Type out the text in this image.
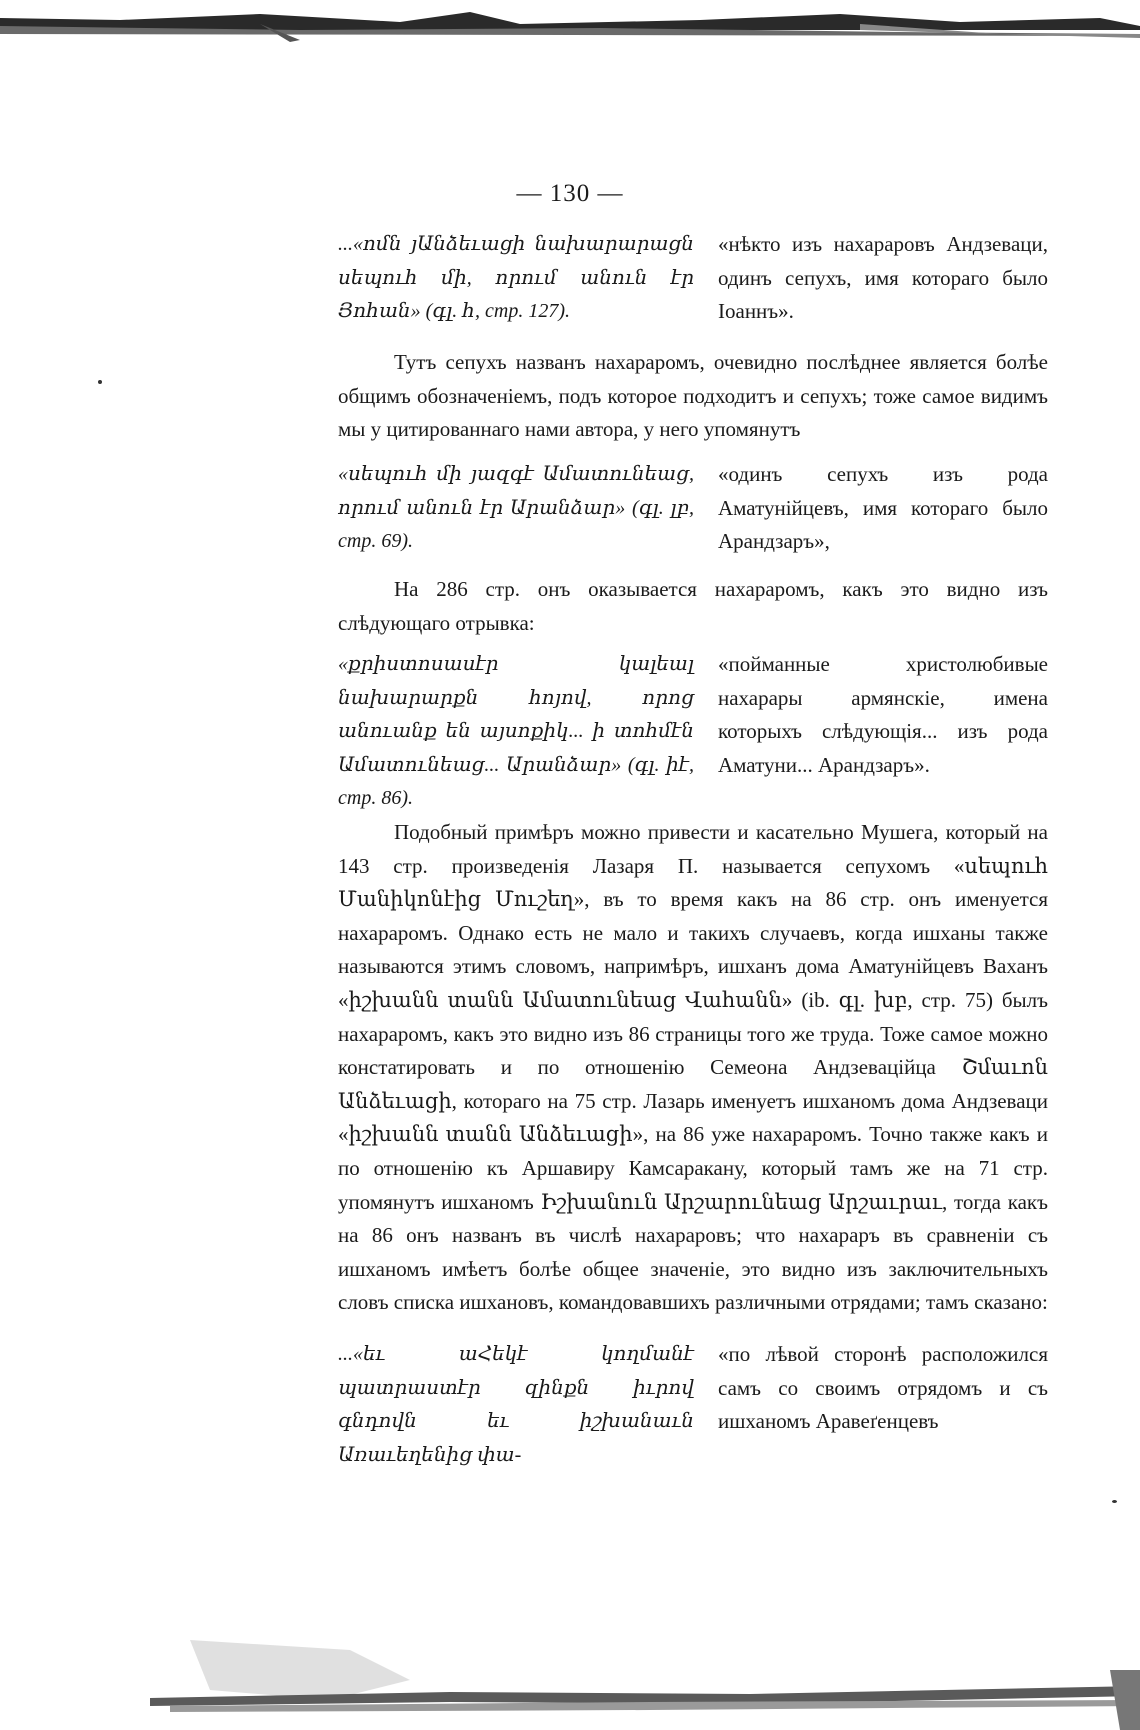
— 130 —
...«ոմն յԱնձեւացի նախարարացն սեպուհ մի, որում անուն էր Յոհան» (գլ. հ, стр. 127).
«нѣкто изъ нахараровъ Андзеваци, одинъ сепухъ, имя котораго было Іоаннъ».
Тутъ сепухъ названъ нахараромъ, очевидно послѣднее является болѣе общимъ обозначеніемъ, подъ которое подходитъ и сепухъ; тоже самое видимъ мы у цитированнаго нами автора, у него упомянутъ
«սեպուհ մի յազգէ Ամատունեաց, որում անուն էր Արանձար» (գլ. լբ, стр. 69).
«одинъ сепухъ изъ рода Аматунійцевъ, имя котораго было Арандзаръ»,
На 286 стр. онъ оказывается нахараромъ, какъ это видно изъ слѣдующаго отрывка:
«քրիստոսասէր կալեալ նախարարքն հոյով, որոց անուանք են այսոքիկ... ի տոհմէն Ամատունեաց... Արանձար» (գլ. իէ, стр. 86).
«пойманные христолюбивые нахарары армянскіе, имена которыхъ слѣдующія... изъ рода Аматуни... Арандзаръ».
Подобный примѣръ можно привести и касательно Мушега, который на 143 стр. произведенія Лазаря П. называется сепухомъ «սեպուհ Մանիկոնէից Մուշեղ», въ то время какъ на 86 стр. онъ именуется нахараромъ. Однако есть не мало и такихъ случаевъ, когда ишханы также называются этимъ словомъ, напримѣръ, ишханъ дома Аматунійцевъ Ваханъ «իշխանն տանն Ամատունեաց Վահանն» (ib. գլ. խբ, стр. 75) былъ нахараромъ, какъ это видно изъ 86 страницы того же труда. Тоже самое можно констатировать и по отношенію Семеона Андзеваційца Շմաւոն Անձեւացի, котораго на 75 стр. Лазарь именуетъ ишханомъ дома Андзеваци «իշխանն տանն Անձեւացի», на 86 уже нахараромъ. Точно также какъ и по отношенію къ Аршавиру Камсаракану, который тамъ же на 71 стр. упомянутъ ишханомъ Իշխանուն Արշարունեաց Արշաւրաւ, тогда какъ на 86 онъ названъ въ числѣ нахараровъ; что нахараръ въ сравненіи съ ишханомъ имѣетъ болѣе общее значеніе, это видно изъ заключительныхъ словъ списка ишхановъ, командовавшихъ различными отрядами; тамъ сказано:
...«եւ աՀեկէ կողմանէ պատրաստէր զինքն իւրով գնդովն եւ իշխանաւն Առաւեղենից փա-
«по лѣвой сторонѣ расположился самъ со своимъ отрядомъ и съ ишханомъ Аравеґенцевъ
